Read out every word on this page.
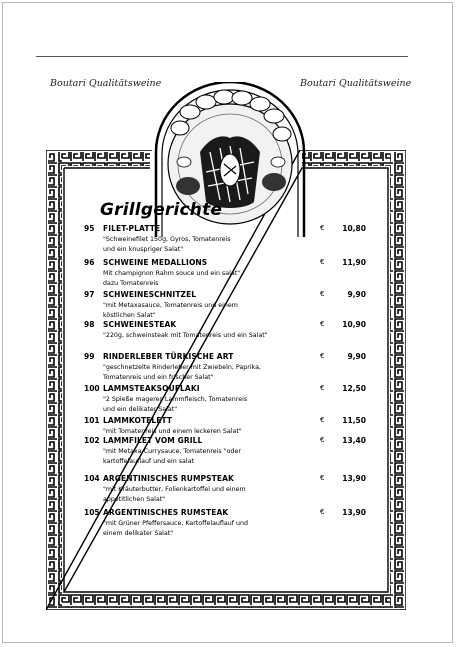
Boutari Qualitätsweine	Boutari Qualitätsweine
Grillgerichte
95 FILET-PLATTE	€ 10,80
"Schweinefilet 150g, Gyros, Tomatenreis
und ein knuspriger Salat"
96 SCHWEINE MEDALLIONS	€ 11,90
Mit champignon Rahm souce und ein salat"
dazu Tomatenreis
97 SCHWEINESCHNITZEL	€	9,90
"mit Metaxasauce, Tomatenreis und einem
köstlichen Salat"
98 SCHWEINESTEAK	€ 10,90
"220g, schweinsteak mit Tomatenreis und ein Salat"
99 RINDERLEBER TÜRKISCHE ART	€	9,90
"geschnetzelte Rinderleber mit Zwiebeln, Paprika,
Tomatenreis und ein frischer Salat"
100 LAMMSTEAKSOUFLAKI	€ 12,50
"2 Spieße mageres Lammfleisch, Tomatenreis
und ein delikater Salat"
101 LAMMKOTELETT	€ 11,50
"mit Tomatenreis und einem leckeren Salat"
102 LAMMFILET VOM GRILL	€ 13,40
"mit Metaxa-Currysauce, Tomatenreis "oder
kartoffelauflauf und ein salat
104 ARGENTINISCHES RUMPSTEAK	€ 13,90
"mit Kräuterbutter, Folienkartoffel und einem
appetitlichen Salat"
105 ARGENTINISCHES RUMSTEAK	€ 13,90
"mit Grüner Pfeffersauce, Kartoffelauflauf und
einem delikater Salat"
